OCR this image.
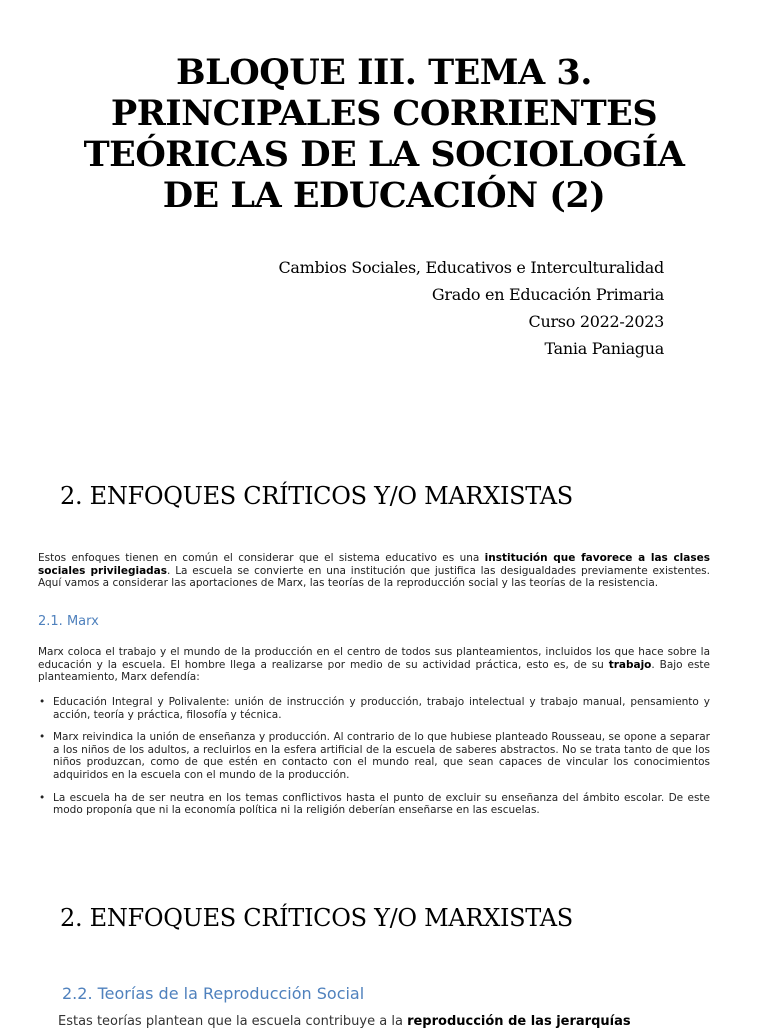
BLOQUE III. TEMA 3.
PRINCIPALES CORRIENTES
TEÓRICAS DE LA SOCIOLOGÍA
DE LA EDUCACIÓN (2)
Cambios Sociales, Educativos e Interculturalidad
Grado en Educación Primaria
Curso 2022-2023
Tania Paniagua
2. ENFOQUES CRÍTICOS Y/O MARXISTAS

Estos enfoques tienen en común el considerar que el sistema educativo es una institución que favorece a las clases sociales privilegiadas. La escuela se convierte en una institución que justifica las desigualdades previamente existentes. Aquí vamos a considerar las aportaciones de Marx, las teorías de la reproducción social y las teorías de la resistencia.

2.1. Marx

Marx coloca el trabajo y el mundo de la producción en el centro de todos sus planteamientos, incluidos los que hace sobre la educación y la escuela. El hombre llega a realizarse por medio de su actividad práctica, esto es, de su trabajo. Bajo este planteamiento, Marx defendía:

• Educación Integral y Polivalente: unión de instrucción y producción, trabajo intelectual y trabajo manual, pensamiento y acción, teoría y práctica, filosofía y técnica.
• Marx reivindica la unión de enseñanza y producción. Al contrario de lo que hubiese planteado Rousseau, se opone a separar a los niños de los adultos, a recluirlos en la esfera artificial de la escuela de saberes abstractos. No se trata tanto de que los niños produzcan, como de que estén en contacto con el mundo real, que sean capaces de vincular los conocimientos adquiridos en la escuela con el mundo de la producción.
• La escuela ha de ser neutra en los temas conflictivos hasta el punto de excluir su enseñanza del ámbito escolar. De este modo proponía que ni la economía política ni la religión deberían enseñarse en las escuelas.
2. ENFOQUES CRÍTICOS Y/O MARXISTAS
2.2. Teorías de la Reproducción Social
Estas teorías plantean que la escuela contribuye a la reproducción de las jerarquías
